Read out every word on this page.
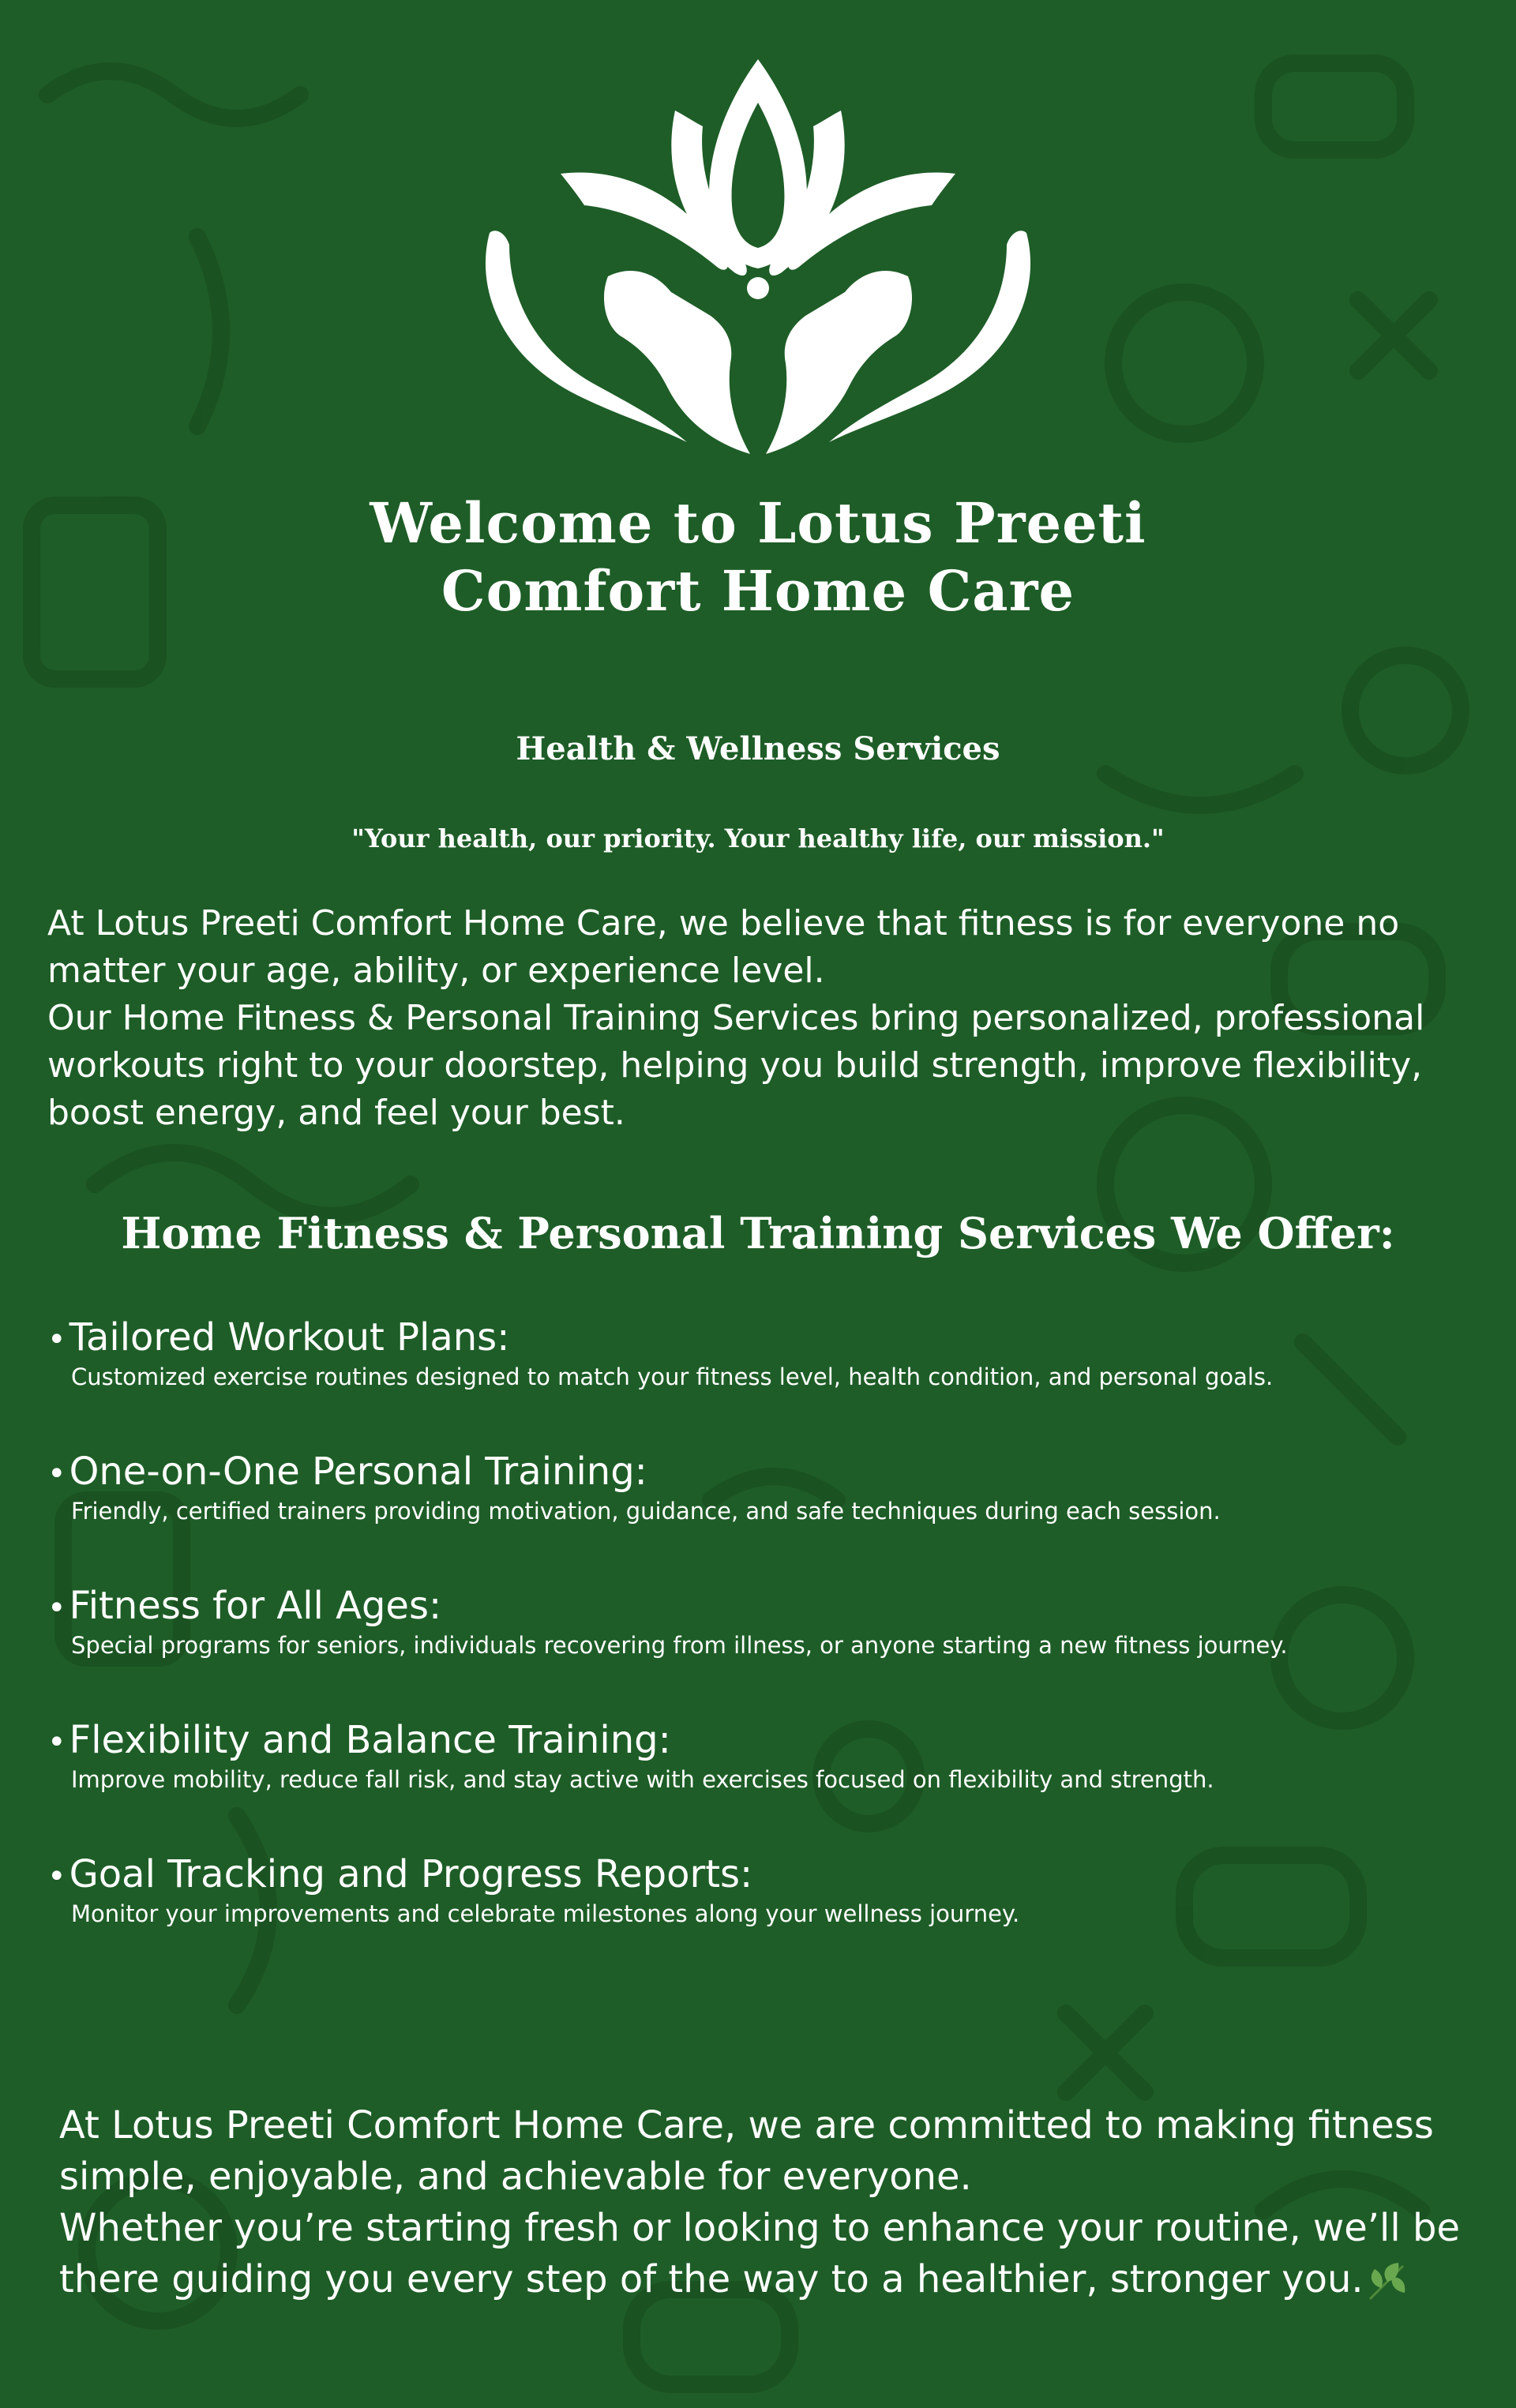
Welcome to Lotus Preeti
Comfort Home Care
Health & Wellness Services

"Your health, our priority. Your healthy life, our mission."

At Lotus Preeti Comfort Home Care, we believe that fitness is for everyone no matter your age, ability, or experience level.

Our Home Fitness & Personal Training Services bring personalized, professional workouts right to your doorstep, helping you build strength, improve flexibility, boost energy, and feel your best.

Home Fitness & Personal Training Services We Offer:
•Tailored Workout Plans:
Customized exercise routines designed to match your fitness level, health condition, and personal goals.
•One-on-One Personal Training:
Friendly, certified trainers providing motivation, guidance, and safe techniques during each session.
•Fitness for All Ages:
Special programs for seniors, individuals recovering from illness, or anyone starting a new fitness journey.
•Flexibility and Balance Training:
Improve mobility, reduce fall risk, and stay active with exercises focused on flexibility and strength.
•Goal Tracking and Progress Reports:
Monitor your improvements and celebrate milestones along your wellness journey.

At Lotus Preeti Comfort Home Care, we are committed to making fitness simple, enjoyable, and achievable for everyone.

Whether you’re starting fresh or looking to enhance your routine, we’ll be there guiding you every step of the way to a healthier, stronger you.
